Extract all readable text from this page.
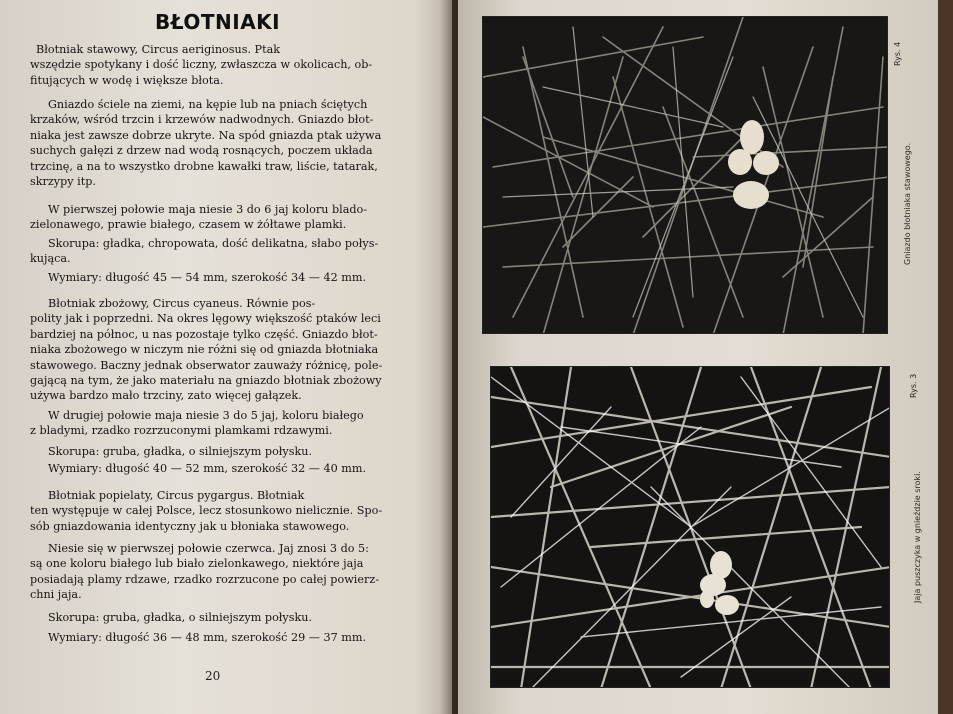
BŁOTNIAKI

Błotniak stawowy, Circus aeriginosus. Ptak
wszędzie spotykany i dość liczny, zwłaszcza w okolicach, ob-
fitujących w wodę i większe błota.

Gniazdo ściele na ziemi, na kępie lub na pniach ściętych
krzaków, wśród trzcin i krzewów nadwodnych. Gniazdo błot-
niaka jest zawsze dobrze ukryte. Na spód gniazda ptak używa
suchych gałęzi z drzew nad wodą rosnących, poczem układa
trzcinę, a na to wszystko drobne kawałki traw, liście, tatarak,
skrzypy itp.

W pierwszej połowie maja niesie 3 do 6 jaj koloru blado-
zielonawego, prawie białego, czasem w żółtawe plamki.

Skorupa: gładka, chropowata, dość delikatna, słabo połys-
kująca.

Wymiary: długość 45 — 54 mm, szerokość 34 — 42 mm.

Błotniak zbożowy, Circus cyaneus. Równie pos-
polity jak i poprzedni. Na okres lęgowy większość ptaków leci
bardziej na północ, u nas pozostaje tylko część. Gniazdo błot-
niaka zbożowego w niczym nie różni się od gniazda błotniaka
stawowego. Baczny jednak obserwator zauważy różnicę, pole-
gającą na tym, że jako materiału na gniazdo błotniak zbożowy
używa bardzo mało trzciny, zato więcej gałązek.

W drugiej połowie maja niesie 3 do 5 jaj, koloru białego
z bladymi, rzadko rozrzuconymi plamkami rdzawymi.

Skorupa: gruba, gładka, o silniejszym połysku.

Wymiary: długość 40 — 52 mm, szerokość 32 — 40 mm.

Błotniak popielaty, Circus pygargus. Błotniak
ten występuje w całej Polsce, lecz stosunkowo nielicznie. Spo-
sób gniazdowania identyczny jak u błoniaka stawowego.

Niesie się w pierwszej połowie czerwca. Jaj znosi 3 do 5:
są one koloru białego lub biało zielonkawego, niektóre jaja
posiadają plamy rdzawe, rzadko rozrzucone po całej powierz-
chni jaja.

Skorupa: gruba, gładka, o silniejszym połysku.

Wymiary: długość 36 — 48 mm, szerokość 29 — 37 mm.

20
Rys. 4
Gniazdo błotniaka stawowego.
Rys. 3
Jaja puszczyka w gnieździe sroki.
